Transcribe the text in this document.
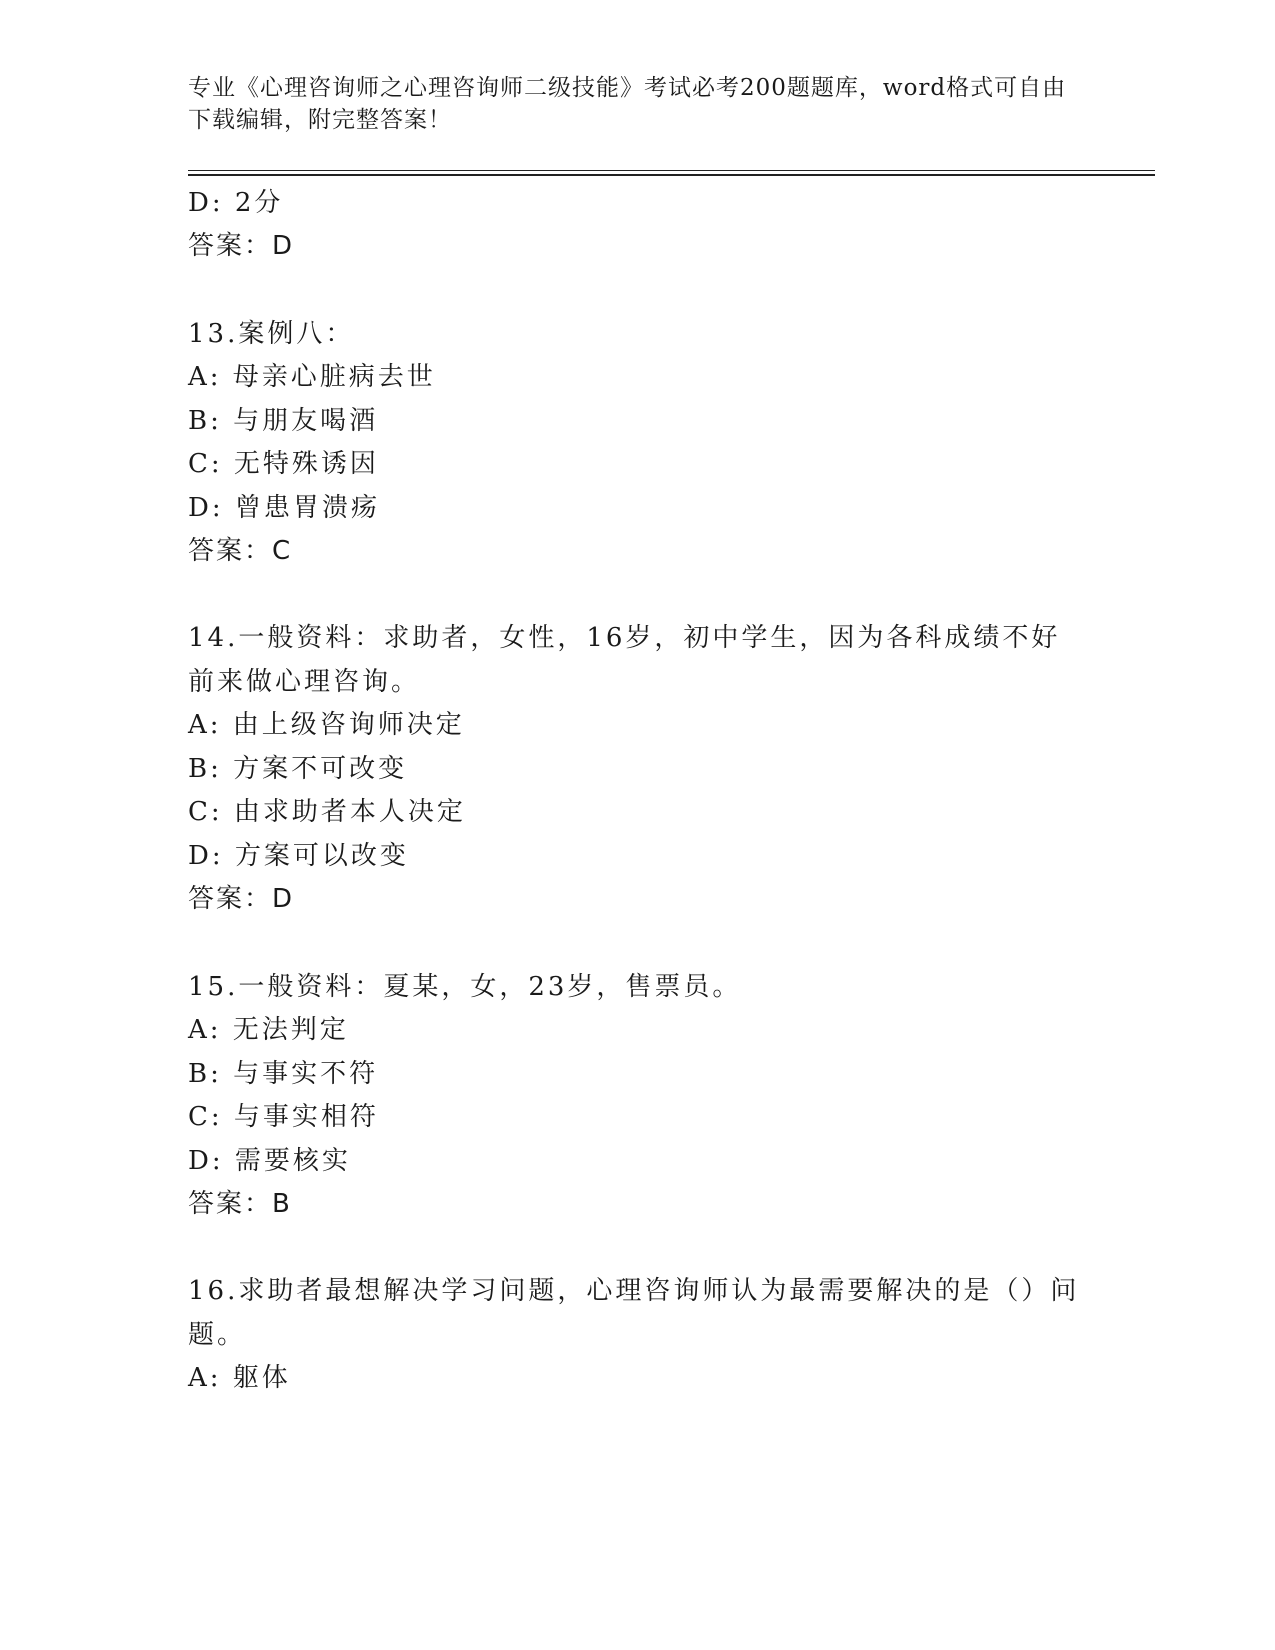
专业《心理咨询师之心理咨询师二级技能》考试必考200题题库，word格式可自由下载编辑，附完整答案！
D: 2分
答案：D
13.案例八：
A: 母亲心脏病去世
B: 与朋友喝酒
C: 无特殊诱因
D: 曾患胃溃疡
答案：C
14.一般资料：求助者，女性，16岁，初中学生，因为各科成绩不好前来做心理咨询。
A: 由上级咨询师决定
B: 方案不可改变
C: 由求助者本人决定
D: 方案可以改变
答案：D
15.一般资料：夏某，女，23岁，售票员。
A: 无法判定
B: 与事实不符
C: 与事实相符
D: 需要核实
答案：B
16.求助者最想解决学习问题，心理咨询师认为最需要解决的是（）问题。
A: 躯体
